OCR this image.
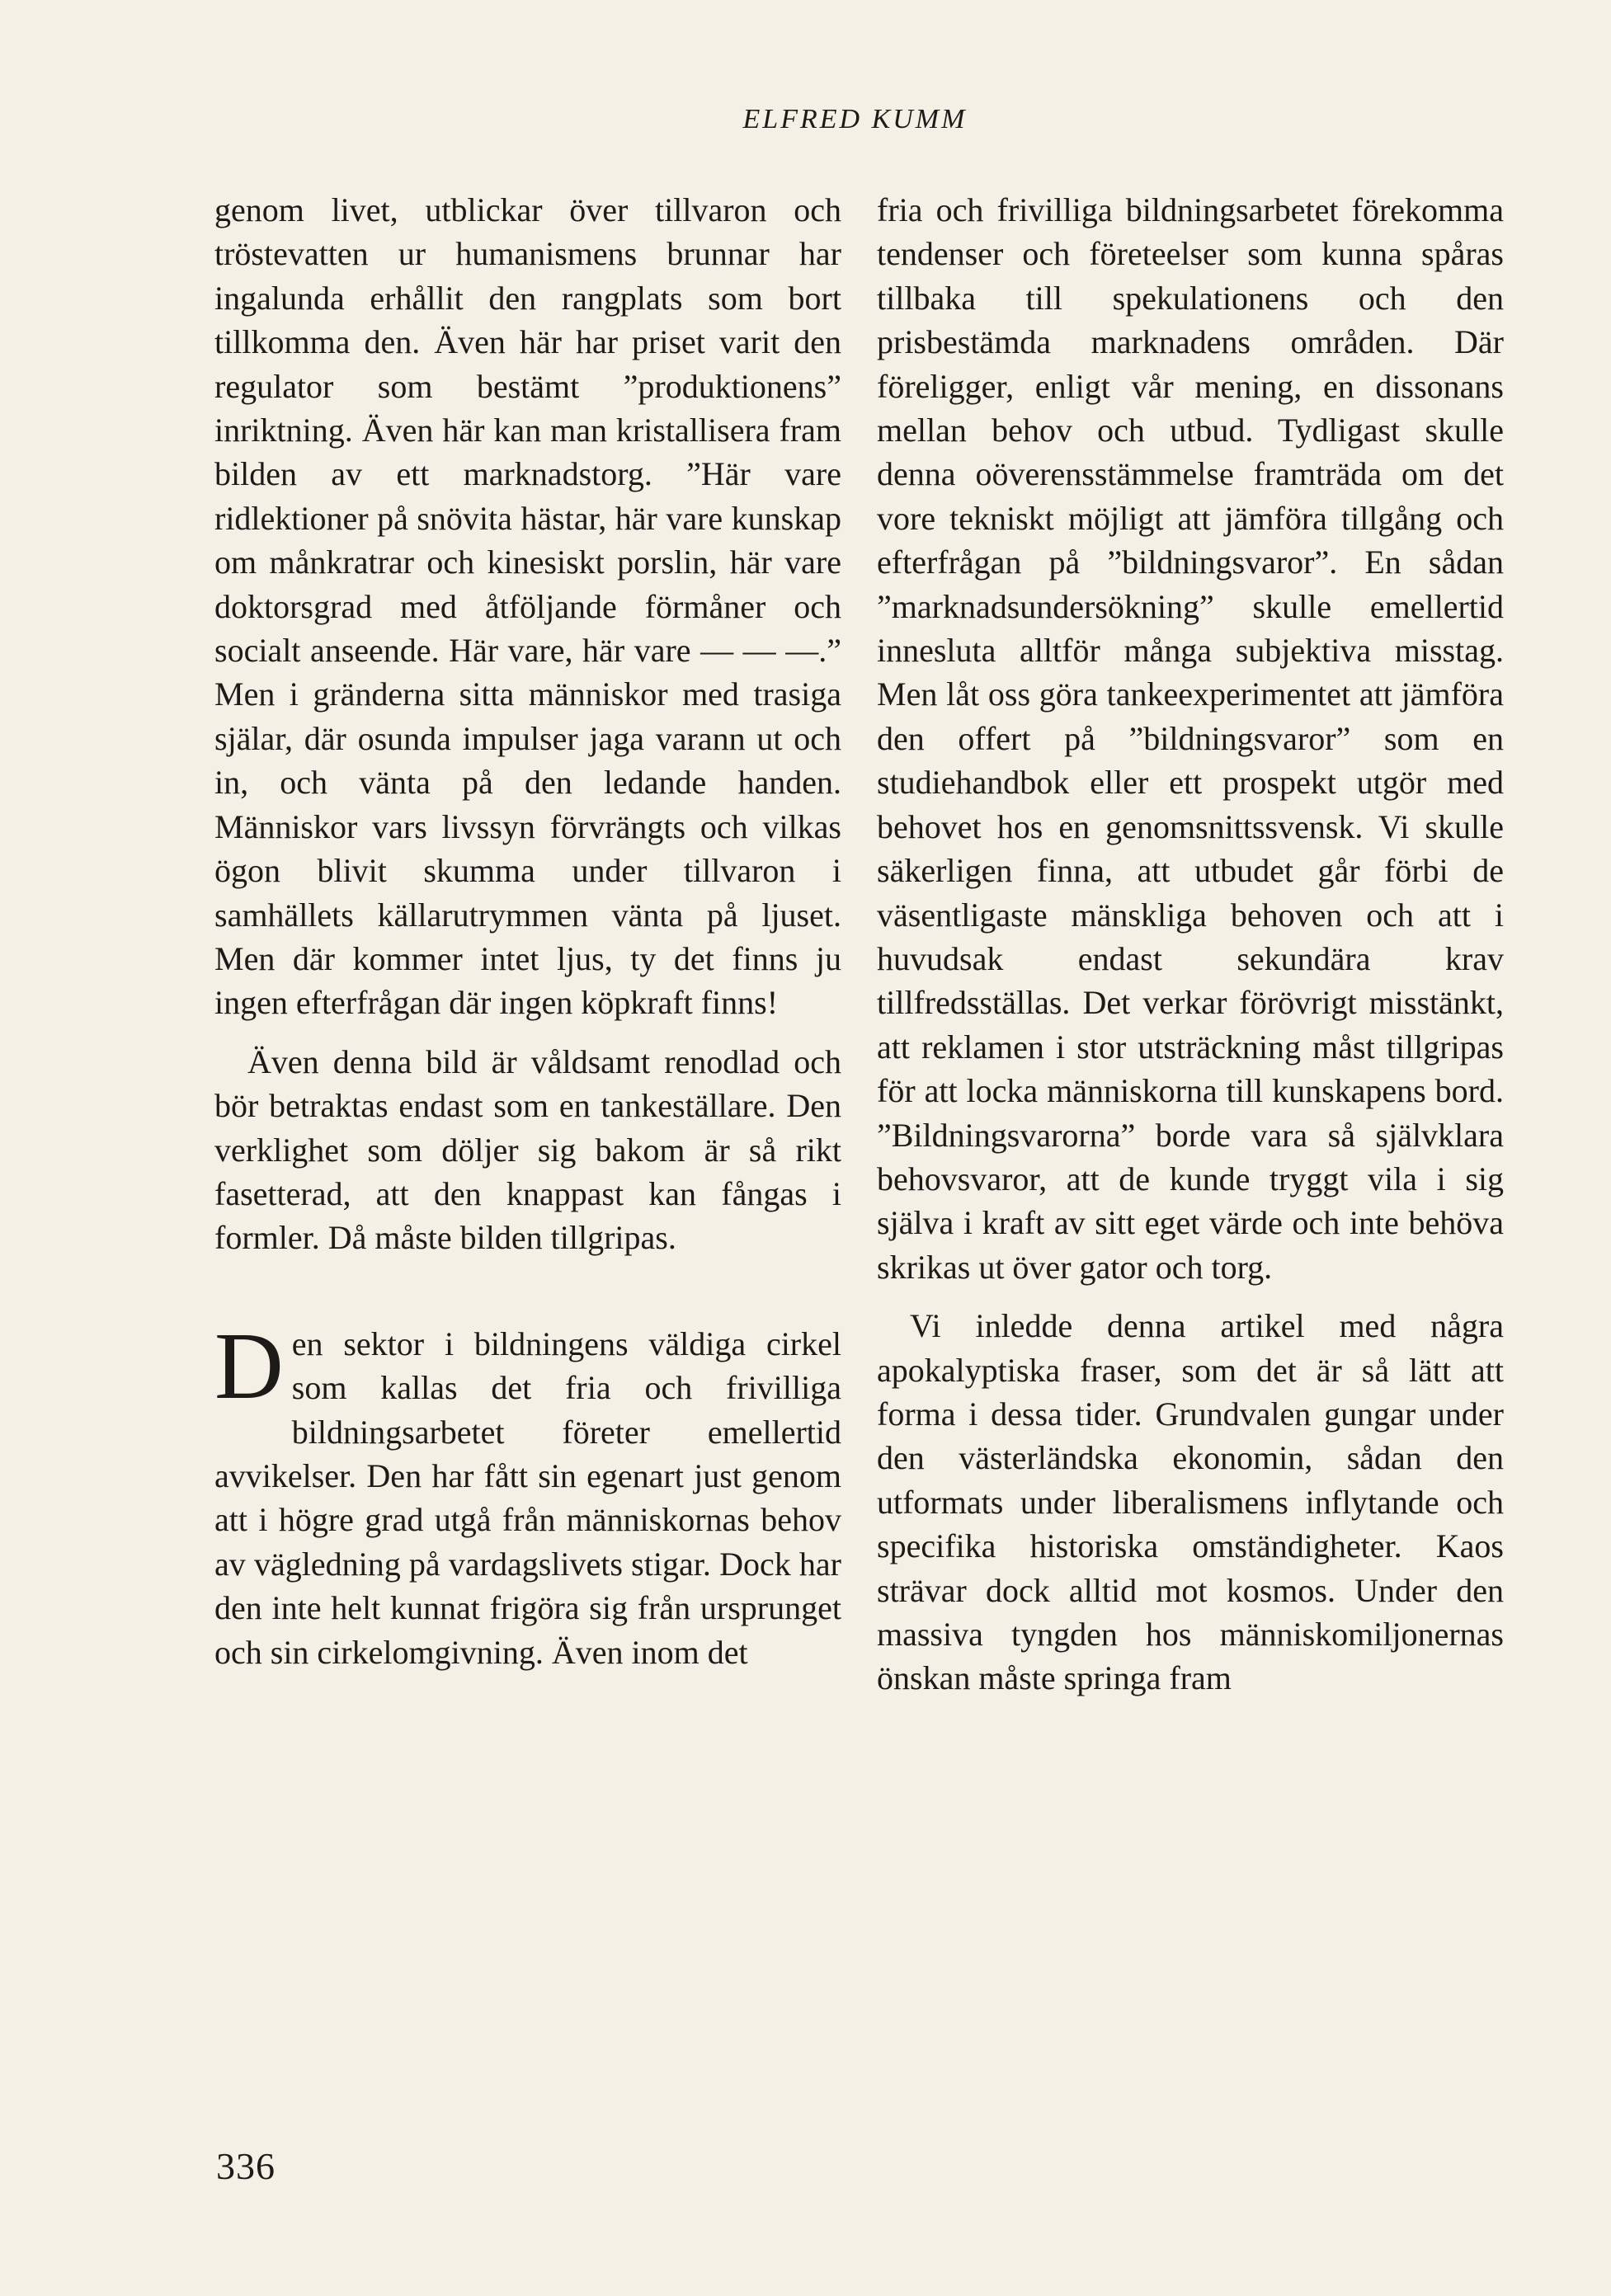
ELFRED KUMM

genom livet, utblickar över tillvaron och tröstevatten ur humanismens brunnar har ingalunda erhållit den rangplats som bort tillkomma den. Även här har priset varit den regulator som bestämt ”produktionens” inriktning. Även här kan man kristallisera fram bilden av ett marknadstorg. ”Här vare ridlektioner på snövita hästar, här vare kunskap om månkratrar och kinesiskt porslin, här vare doktorsgrad med åtföljande förmåner och socialt anseende. Här vare, här vare — — —.” Men i gränderna sitta människor med trasiga själar, där osunda impulser jaga varann ut och in, och vänta på den ledande handen. Människor vars livssyn förvrängts och vilkas ögon blivit skumma under tillvaron i samhällets källarutrymmen vänta på ljuset. Men där kommer intet ljus, ty det finns ju ingen efterfrågan där ingen köpkraft finns!

Även denna bild är våldsamt renodlad och bör betraktas endast som en tankeställare. Den verklighet som döljer sig bakom är så rikt fasetterad, att den knappast kan fångas i formler. Då måste bilden tillgripas.

D en sektor i bildningens väldiga cirkel som kallas det fria och frivilliga bildningsarbetet företer emellertid avvikelser. Den har fått sin egenart just genom att i högre grad utgå från människornas behov av vägledning på vardagslivets stigar. Dock har den inte helt kunnat frigöra sig från ursprunget och sin cirkelomgivning. Även inom det

fria och frivilliga bildningsarbetet förekomma tendenser och företeelser som kunna spåras tillbaka till spekulationens och den prisbestämda marknadens områden. Där föreligger, enligt vår mening, en dissonans mellan behov och utbud. Tydligast skulle denna oöverensstämmelse framträda om det vore tekniskt möjligt att jämföra tillgång och efterfrågan på ”bildningsvaror”. En sådan ”marknadsundersökning” skulle emellertid innesluta alltför många subjektiva misstag. Men låt oss göra tankeexperimentet att jämföra den offert på ”bildningsvaror” som en studiehandbok eller ett prospekt utgör med behovet hos en genomsnittssvensk. Vi skulle säkerligen finna, att utbudet går förbi de väsentligaste mänskliga behoven och att i huvudsak endast sekundära krav tillfredsställas. Det verkar förövrigt misstänkt, att reklamen i stor utsträckning måst tillgripas för att locka människorna till kunskapens bord. ”Bildningsvarorna” borde vara så självklara behovsvaror, att de kunde tryggt vila i sig själva i kraft av sitt eget värde och inte behöva skrikas ut över gator och torg.

Vi inledde denna artikel med några apokalyptiska fraser, som det är så lätt att forma i dessa tider. Grundvalen gungar under den västerländska ekonomin, sådan den utformats under liberalismens inflytande och specifika historiska omständigheter. Kaos strävar dock alltid mot kosmos. Under den massiva tyngden hos människomiljonernas önskan måste springa fram

336
